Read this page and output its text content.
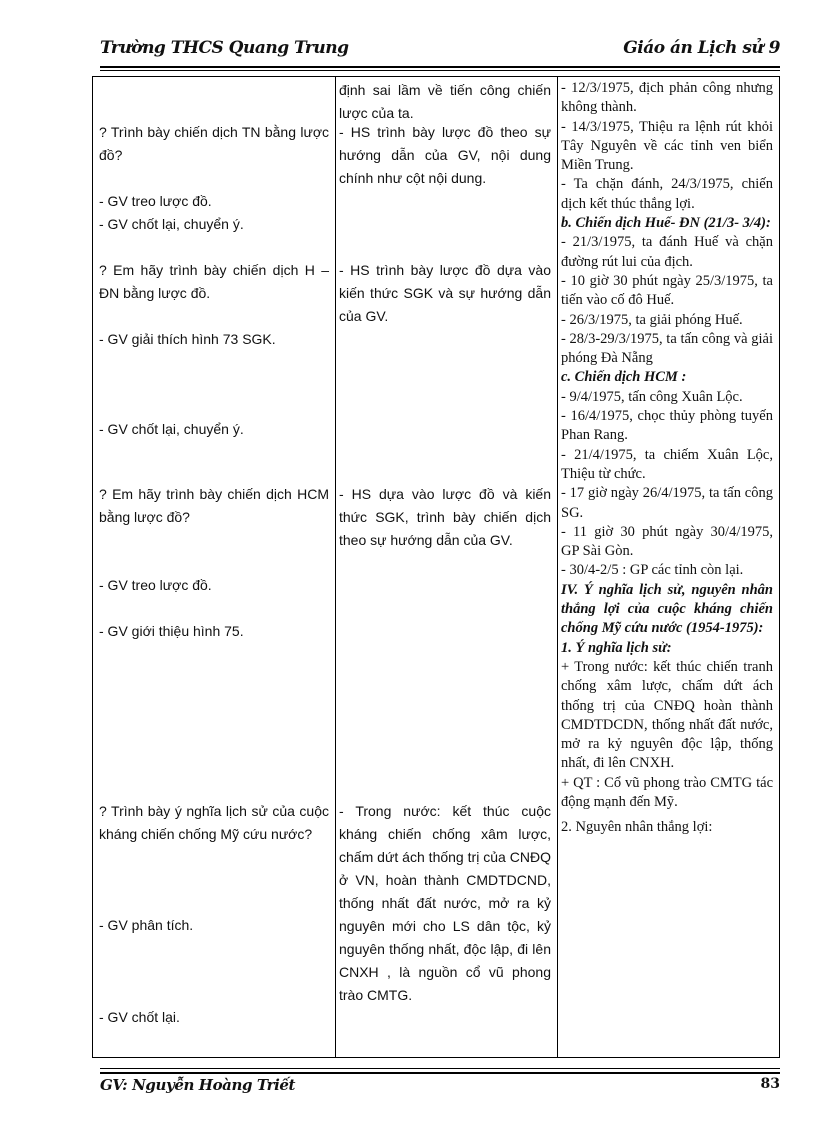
Trường THCS Quang Trung	Giáo án Lịch sử 9
? Trình bày chiến dịch TN bằng lược đồ?
- GV treo lược đồ.
- GV chốt lại, chuyển ý.
? Em hãy trình bày chiến dịch H –ĐN bằng lược đồ.
- GV giải thích hình 73 SGK.
- GV chốt lại, chuyển ý.
? Em hãy trình bày chiến dịch HCM bằng lược đồ?
- GV treo lược đồ.
- GV giới thiệu hình 75.
? Trình bày ý nghĩa lịch sử của cuộc kháng chiến chống Mỹ cứu nước?
- GV phân tích.
- GV chốt lại.
định sai lầm về tiến công chiến lược của ta.
- HS trình bày lược đồ theo sự hướng dẫn của GV, nội dung chính như cột nội dung.
- HS trình bày lược đồ dựa vào kiến thức SGK và sự hướng dẫn của GV.
- HS dựa vào lược đồ và kiến thức SGK, trình bày chiến dịch theo sự hướng dẫn của GV.
- Trong nước: kết thúc cuộc kháng chiến chống xâm lược, chấm dứt ách thống trị của CNĐQ ở VN, hoàn thành CMDTDCND, thống nhất đất nước, mở ra kỷ nguyên mới cho LS dân tộc, kỷ nguyên thống nhất, độc lập, đi lên CNXH , là nguồn cổ vũ phong trào CMTG.

- 12/3/1975, địch phản công nhưng không thành.

- 14/3/1975, Thiệu ra lệnh rút khỏi Tây Nguyên về các tỉnh ven biển Miền Trung.

- Ta chặn đánh, 24/3/1975, chiến dịch kết thúc thắng lợi.

b. Chiến dịch Huế- ĐN (21/3- 3/4):

- 21/3/1975, ta đánh Huế và chặn đường rút lui của địch.

- 10 giờ 30 phút ngày 25/3/1975, ta tiến vào cố đô Huế.

- 26/3/1975, ta giải phóng Huế.

- 28/3-29/3/1975, ta tấn công và giải phóng Đà Nẵng

c. Chiến dịch HCM :

- 9/4/1975, tấn công Xuân Lộc.

- 16/4/1975, chọc thủy phòng tuyến Phan Rang.

- 21/4/1975, ta chiếm Xuân Lộc, Thiệu từ chức.

- 17 giờ ngày 26/4/1975, ta tấn công SG.

- 11 giờ 30 phút ngày 30/4/1975, GP Sài Gòn.

- 30/4-2/5 : GP các tỉnh còn lại.

IV. Ý nghĩa lịch sử, nguyên nhân thắng lợi của cuộc kháng chiến chống Mỹ cứu nước (1954-1975):

1. Ý nghĩa lịch sử:

+ Trong nước: kết thúc chiến tranh chống xâm lược, chấm dứt ách thống trị của CNĐQ hoàn thành CMDTDCDN, thống nhất đất nước, mở ra kỷ nguyên độc lập, thống nhất, đi lên CNXH.

+ QT : Cổ vũ phong trào CMTG tác động mạnh đến Mỹ.

2. Nguyên nhân thắng lợi:

GV: Nguyễn Hoàng Triết	83
